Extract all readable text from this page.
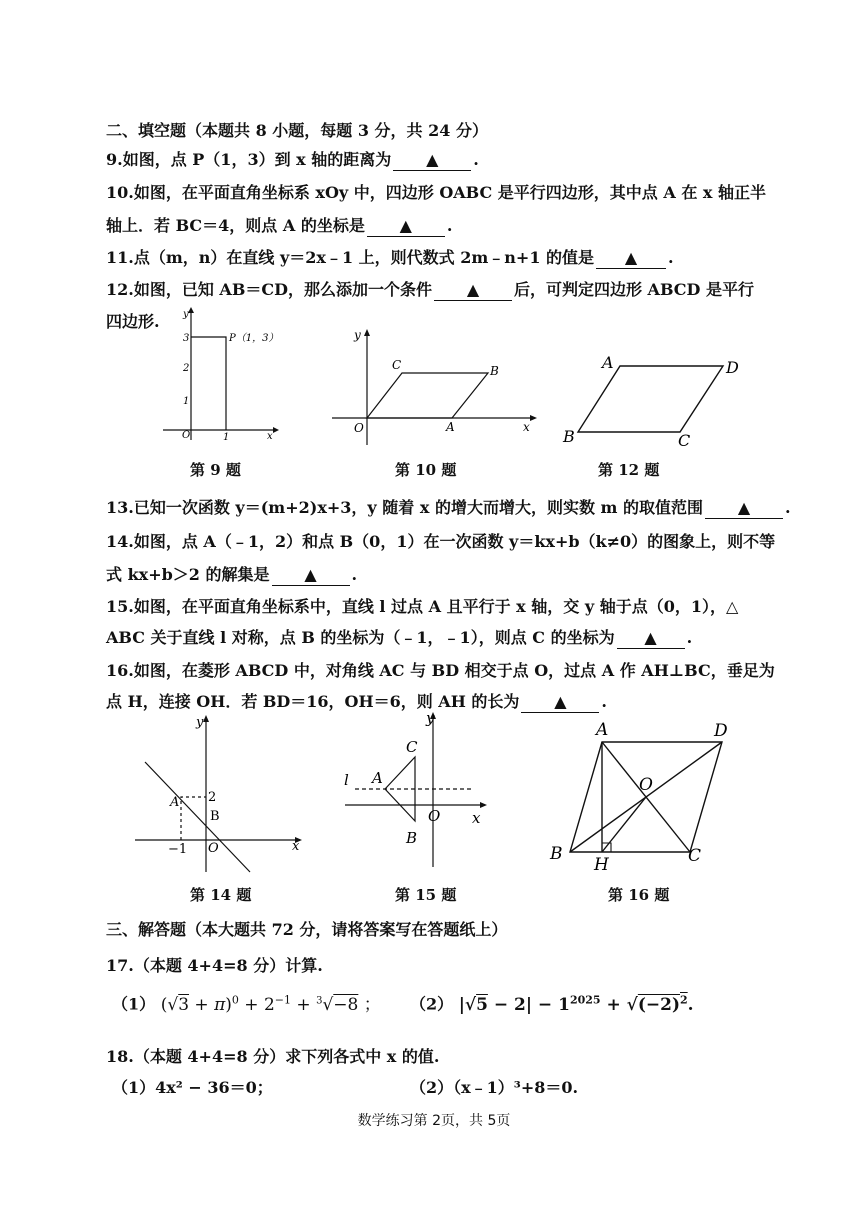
二、填空题（本题共 8 小题，每题 3 分，共 24 分）
9.如图，点 P（1，3）到 x 轴的距离为 ▲ .
10.如图，在平面直角坐标系 xOy 中，四边形 OABC 是平行四边形，其中点 A 在 x 轴正半
轴上．若 BC＝4，则点 A 的坐标是 ▲ .
11.点（m，n）在直线 y＝2x﹣1 上，则代数式 2m﹣n+1 的值是 ▲ .
12.如图，已知 AB＝CD，那么添加一个条件 ▲ 后，可判定四边形 ABCD 是平行
四边形. y
x
O
1
2
3
1
P（1，3）	y
x
O	A
B
C	A	D
B	C
第 9 题	第 10 题	第 12 题
13.已知一次函数 y＝(m+2)x+3，y 随着 x 的增大而增大，则实数 m 的取值范围 ▲ .
14.如图，点 A（﹣1，2）和点 B（0，1）在一次函数 y＝kx+b（k≠0）的图象上，则不等
式 kx+b＞2 的解集是 ▲ .
15.如图，在平面直角坐标系中，直线 l 过点 A 且平行于 x 轴，交 y 轴于点（0，1），△
ABC 关于直线 l 对称，点 B 的坐标为（﹣1，﹣1），则点 C 的坐标为 ▲ .
16.如图，在菱形 ABCD 中，对角线 AC 与 BD 相交于点 O，过点 A 作 AH⊥BC，垂足为
点 H，连接 OH．若 BD＝16，OH＝6，则 AH 的长为 ▲ .
y
x
O
A
B
2
−1
y
x
O
A
B
C
l
A	D
B	C
O
H
第 14 题	第 15 题	第 16 题
三、解答题（本大题共 72 分，请将答案写在答题纸上）
17.（本题 4+4=8 分）计算.
（1） $(√3 + \pi)^0 + 2^{-1} + ^3√-8$ ； （2） $|√5 - 2| - 1^{2025} + √(-2)^2$.
18.（本题 4+4=8 分）求下列各式中 x 的值.
（1）4x² − 36＝0；	（2）（x﹣1）³+8＝0.
数学练习第 2页，共 5页
